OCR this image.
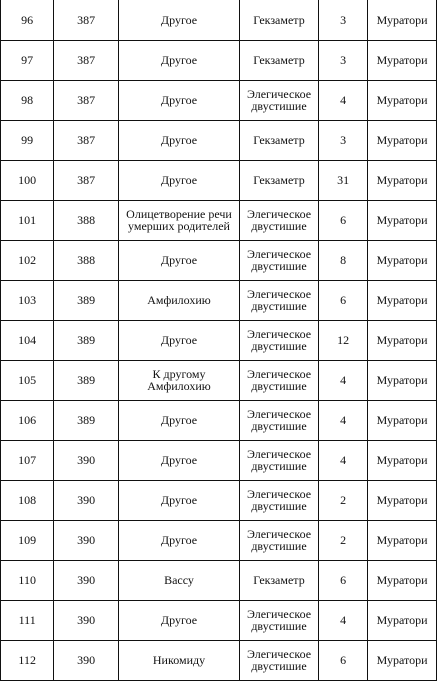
96	387	Другое	Гекзаметр	3	Муратори
97	387	Другое	Гекзаметр	3	Муратори
98	387	Другое	Элегическое двустишие	4	Муратори
99	387	Другое	Гекзаметр	3	Муратори
100	387	Другое	Гекзаметр	31	Муратори
101	388	Олицетворение речи умерших родителей	Элегическое двустишие	6	Муратори
102	388	Другое	Элегическое двустишие	8	Муратори
103	389	Амфилохию	Элегическое двустишие	6	Муратори
104	389	Другое	Элегическое двустишие	12	Муратори
105	389	К другому Амфилохию	Элегическое двустишие	4	Муратори
106	389	Другое	Элегическое двустишие	4	Муратори
107	390	Другое	Элегическое двустишие	4	Муратори
108	390	Другое	Элегическое двустишие	2	Муратори
109	390	Другое	Элегическое двустишие	2	Муратори
110	390	Вассу	Гекзаметр	6	Муратори
111	390	Другое	Элегическое двустишие	4	Муратори
112	390	Никомиду	Элегическое двустишие	6	Муратори
